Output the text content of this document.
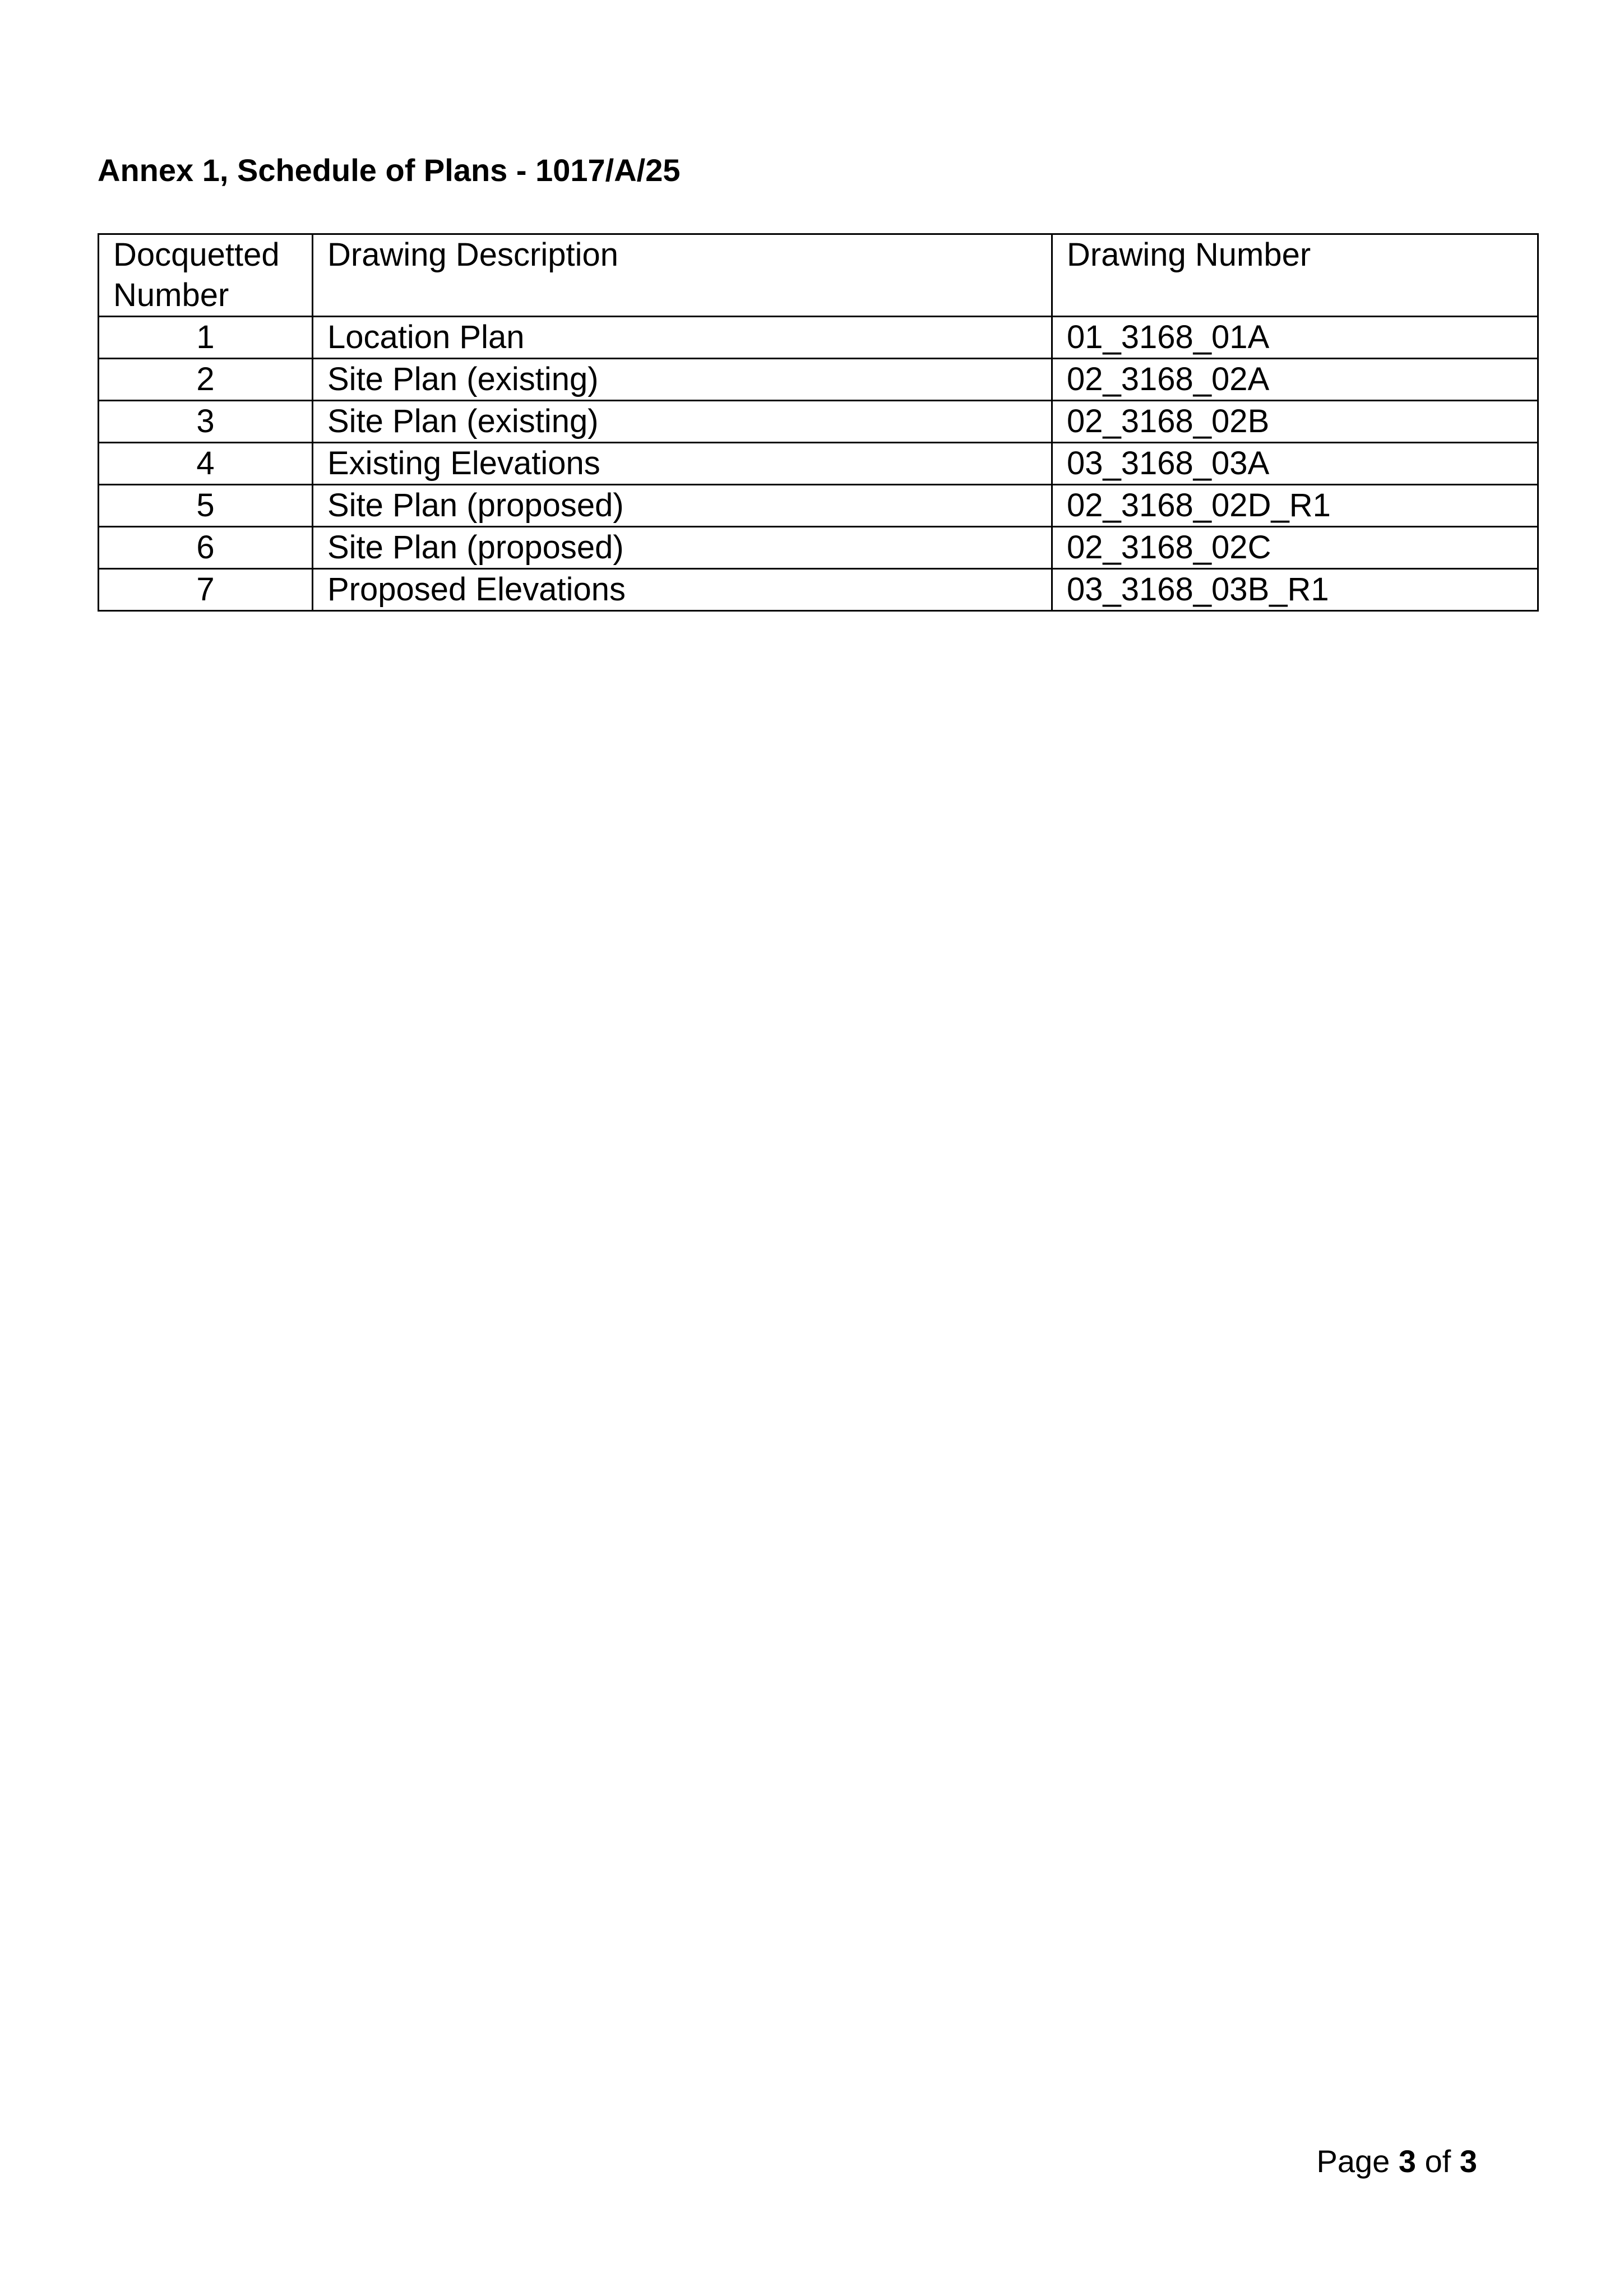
Annex 1, Schedule of Plans - 1017/A/25
Docquetted Number	Drawing Description	Drawing Number
1	Location Plan	01_3168_01A
2	Site Plan (existing)	02_3168_02A
3	Site Plan (existing)	02_3168_02B
4	Existing Elevations	03_3168_03A
5	Site Plan (proposed)	02_3168_02D_R1
6	Site Plan (proposed)	02_3168_02C
7	Proposed Elevations	03_3168_03B_R1
Page 3 of 3
